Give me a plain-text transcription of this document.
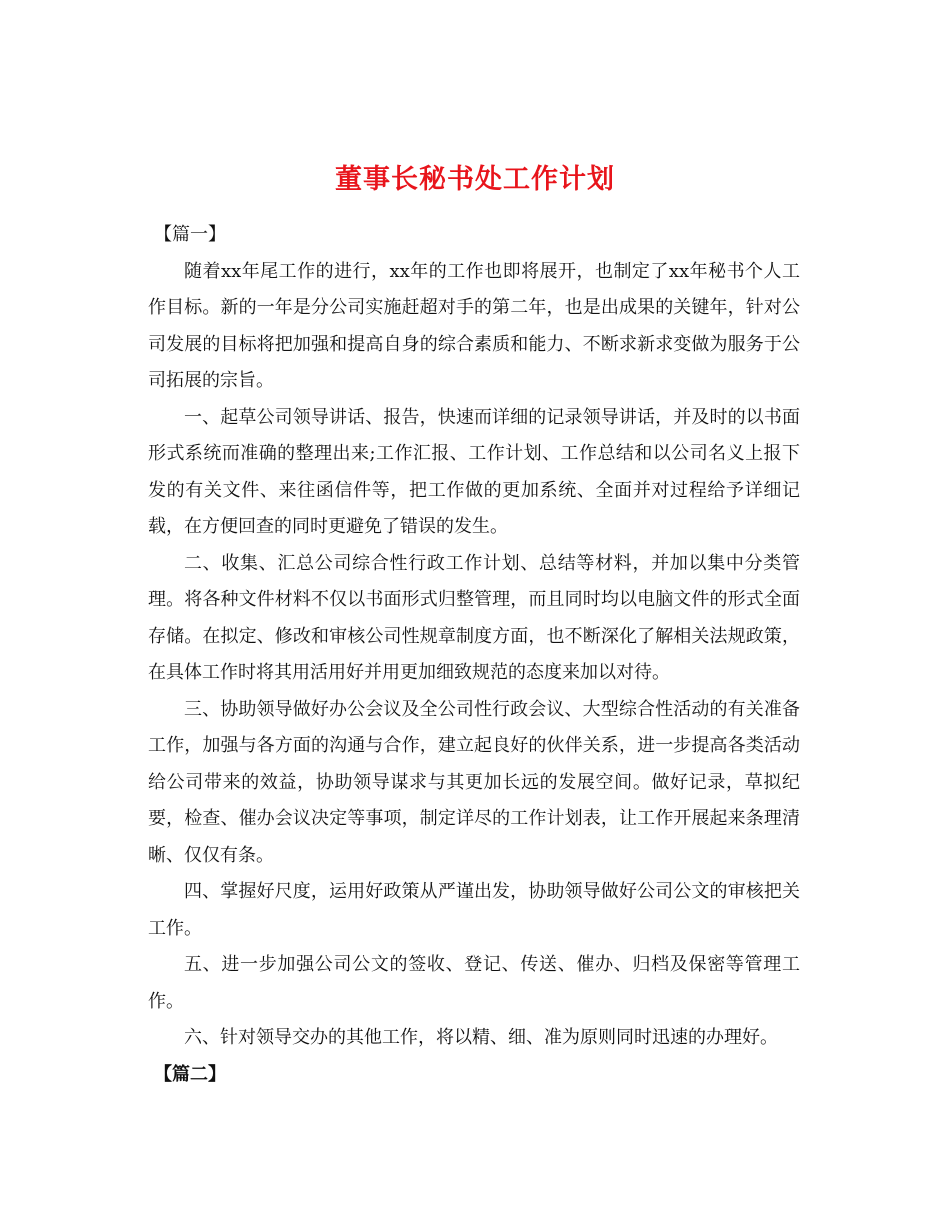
董事长秘书处工作计划

【篇一】

随着xx年尾工作的进行，xx年的工作也即将展开，也制定了xx年秘书个人工作目标。新的一年是分公司实施赶超对手的第二年，也是出成果的关键年，针对公司发展的目标将把加强和提高自身的综合素质和能力、不断求新求变做为服务于公司拓展的宗旨。

一、起草公司领导讲话、报告，快速而详细的记录领导讲话，并及时的以书面形式系统而准确的整理出来;工作汇报、工作计划、工作总结和以公司名义上报下发的有关文件、来往函信件等，把工作做的更加系统、全面并对过程给予详细记载，在方便回查的同时更避免了错误的发生。

二、收集、汇总公司综合性行政工作计划、总结等材料，并加以集中分类管理。将各种文件材料不仅以书面形式归整管理，而且同时均以电脑文件的形式全面存储。在拟定、修改和审核公司性规章制度方面，也不断深化了解相关法规政策，在具体工作时将其用活用好并用更加细致规范的态度来加以对待。

三、协助领导做好办公会议及全公司性行政会议、大型综合性活动的有关准备工作，加强与各方面的沟通与合作，建立起良好的伙伴关系，进一步提高各类活动给公司带来的效益，协助领导谋求与其更加长远的发展空间。做好记录，草拟纪要，检查、催办会议决定等事项，制定详尽的工作计划表，让工作开展起来条理清晰、仅仅有条。

四、掌握好尺度，运用好政策从严谨出发，协助领导做好公司公文的审核把关工作。

五、进一步加强公司公文的签收、登记、传送、催办、归档及保密等管理工作。

六、针对领导交办的其他工作，将以精、细、准为原则同时迅速的办理好。

【篇二】
